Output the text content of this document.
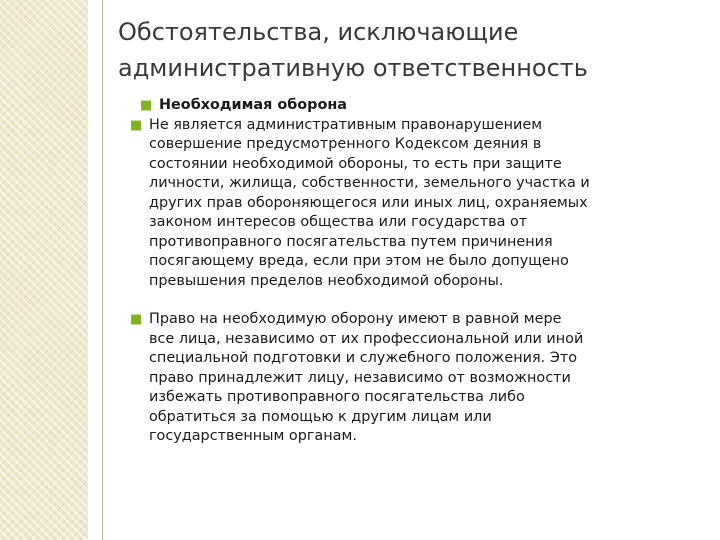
Обстоятельства, исключающие
административную ответственность
■ Необходимая оборона
■ Не является административным правонарушением
совершение предусмотренного Кодексом деяния в
состоянии необходимой обороны, то есть при защите
личности, жилища, собственности, земельного участка и
других прав обороняющегося или иных лиц, охраняемых
законом интересов общества или государства от
противоправного посягательства путем причинения
посягающему вреда, если при этом не было допущено
превышения пределов необходимой обороны.
■ Право на необходимую оборону имеют в равной мере
все лица, независимо от их профессиональной или иной
специальной подготовки и служебного положения. Это
право принадлежит лицу, независимо от возможности
избежать противоправного посягательства либо
обратиться за помощью к другим лицам или
государственным органам.
